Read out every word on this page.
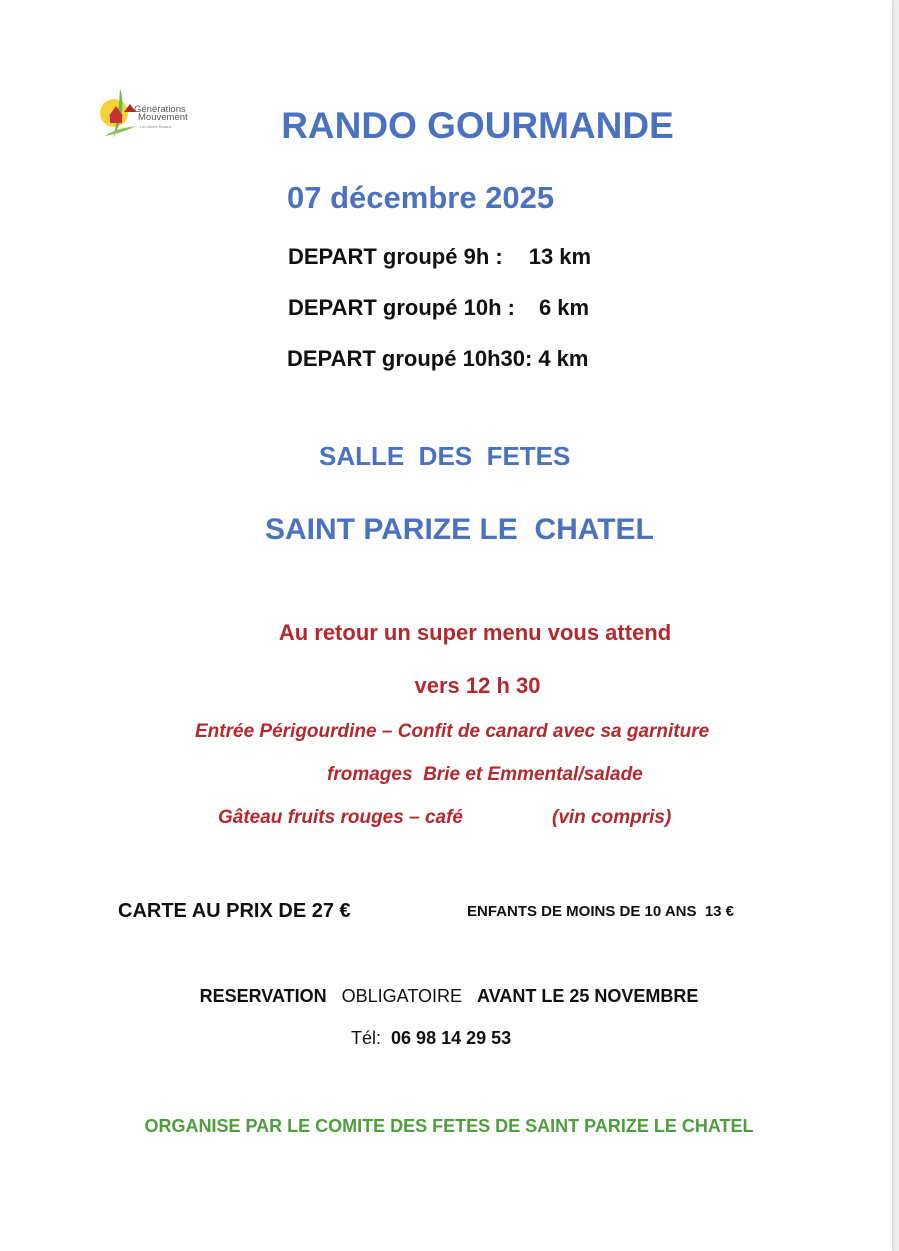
Générations
Mouvement
Les Aînés Ruraux	RANDO GOURMANDE
07 décembre 2025
DEPART groupé 9h : 13 km
DEPART groupé 10h : 6 km
DEPART groupé 10h30: 4 km
SALLE  DES  FETES
SAINT PARIZE LE  CHATEL
Au retour un super menu vous attend
vers 12 h 30
Entrée Périgourdine – Confit de canard avec sa garniture
fromages  Brie et Emmental/salade
Gâteau fruits rouges – café	(vin compris)
CARTE AU PRIX DE 27 €	ENFANTS DE MOINS DE 10 ANS  13 €
RESERVATION OBLIGATOIRE AVANT LE 25 NOVEMBRE
Tél: 06 98 14 29 53
ORGANISE PAR LE COMITE DES FETES DE SAINT PARIZE LE CHATEL
